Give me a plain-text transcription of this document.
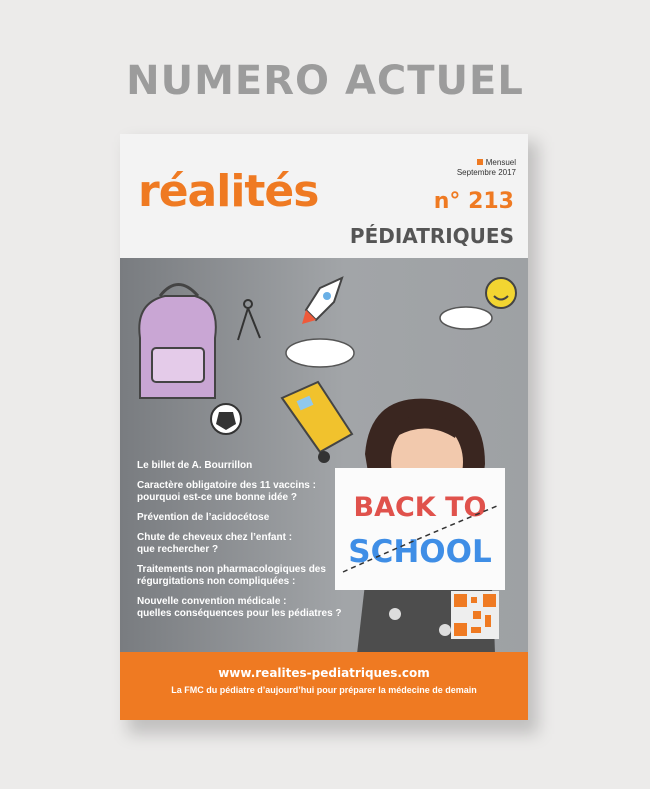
NUMERO ACTUEL
réalités
Mensuel
Septembre 2017
n° 213
PÉDIATRIQUES
BACK TO
SCHOOL
Le billet de A. Bourrillon
Caractère obligatoire des 11 vaccins :
pourquoi est-ce une bonne idée ?
Prévention de l’acidocétose
Chute de cheveux chez l’enfant :
que rechercher ?
Traitements non pharmacologiques des
régurgitations non compliquées :
Nouvelle convention médicale :
quelles conséquences pour les pédiatres ?
www.realites-pediatriques.com
La FMC du pédiatre d’aujourd’hui pour préparer la médecine de demain
